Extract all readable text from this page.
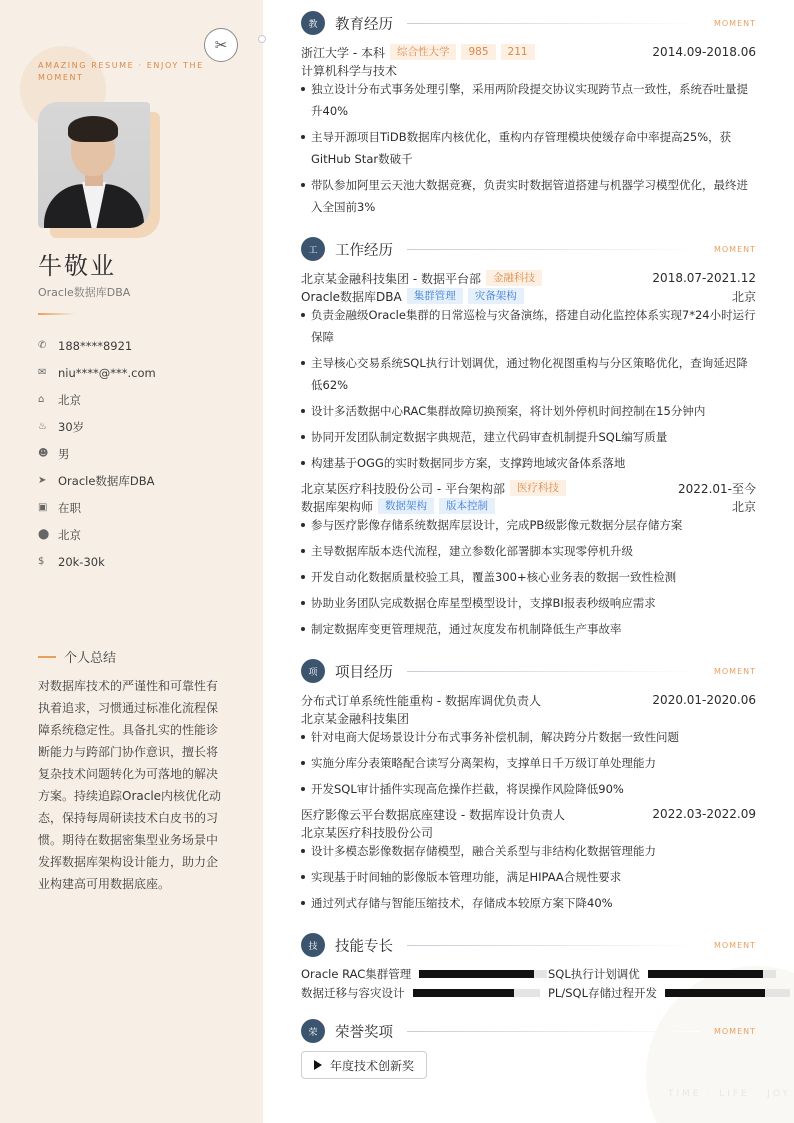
AMAZING RESUME · ENJOY THE MOMENT
牛敬业
Oracle数据库DBA
✆	188****8921
✉	niu****@***.com
⌂	北京
♨ 30岁
☻ 男
➤	Oracle数据库DBA
▣ 在职
⬤ 北京
$	20k-30k
个人总结
对数据库技术的严谨性和可靠性有执着追求，习惯通过标准化流程保障系统稳定性。具备扎实的性能诊断能力与跨部门协作意识，擅长将复杂技术问题转化为可落地的解决方案。持续追踪Oracle内核优化动态，保持每周研读技术白皮书的习惯。期待在数据密集型业务场景中发挥数据库架构设计能力，助力企业构建高可用数据底座。
✂
TIME · LIFE · JOY
教	教育经历	MOMENT
浙江大学 - 本科	综合性大学	985	211	2014.09-2018.06
计算机科学与技术
独立设计分布式事务处理引擎，采用两阶段提交协议实现跨节点一致性，系统吞吐量提升40%
主导开源项目TiDB数据库内核优化，重构内存管理模块使缓存命中率提高25%，获GitHub Star数破千
带队参加阿里云天池大数据竞赛，负责实时数据管道搭建与机器学习模型优化，最终进入全国前3%
工	工作经历	MOMENT
北京某金融科技集团 - 数据平台部	金融科技	2018.07-2021.12
Oracle数据库DBA	集群管理	灾备架构	北京
负责金融级Oracle集群的日常巡检与灾备演练，搭建自动化监控体系实现7*24小时运行保障
主导核心交易系统SQL执行计划调优，通过物化视图重构与分区策略优化，查询延迟降低62%
设计多活数据中心RAC集群故障切换预案，将计划外停机时间控制在15分钟内
协同开发团队制定数据字典规范，建立代码审查机制提升SQL编写质量
构建基于OGG的实时数据同步方案，支撑跨地域灾备体系落地
北京某医疗科技股份公司 - 平台架构部	医疗科技	2022.01-至今
数据库架构师	数据架构	版本控制	北京
参与医疗影像存储系统数据库层设计，完成PB级影像元数据分层存储方案
主导数据库版本迭代流程，建立参数化部署脚本实现零停机升级
开发自动化数据质量校验工具，覆盖300+核心业务表的数据一致性检测
协助业务团队完成数据仓库星型模型设计，支撑BI报表秒级响应需求
制定数据库变更管理规范，通过灰度发布机制降低生产事故率
项	项目经历	MOMENT
分布式订单系统性能重构 - 数据库调优负责人	2020.01-2020.06
北京某金融科技集团
针对电商大促场景设计分布式事务补偿机制，解决跨分片数据一致性问题
实施分库分表策略配合读写分离架构，支撑单日千万级订单处理能力
开发SQL审计插件实现高危操作拦截，将误操作风险降低90%
医疗影像云平台数据底座建设 - 数据库设计负责人	2022.03-2022.09
北京某医疗科技股份公司
设计多模态影像数据存储模型，融合关系型与非结构化数据管理能力
实现基于时间轴的影像版本管理功能，满足HIPAA合规性要求
通过列式存储与智能压缩技术，存储成本较原方案下降40%
技	技能专长	MOMENT
Oracle RAC集群管理	SQL执行计划调优
数据迁移与容灾设计	PL/SQL存储过程开发
荣	荣誉奖项	MOMENT
年度技术创新奖
